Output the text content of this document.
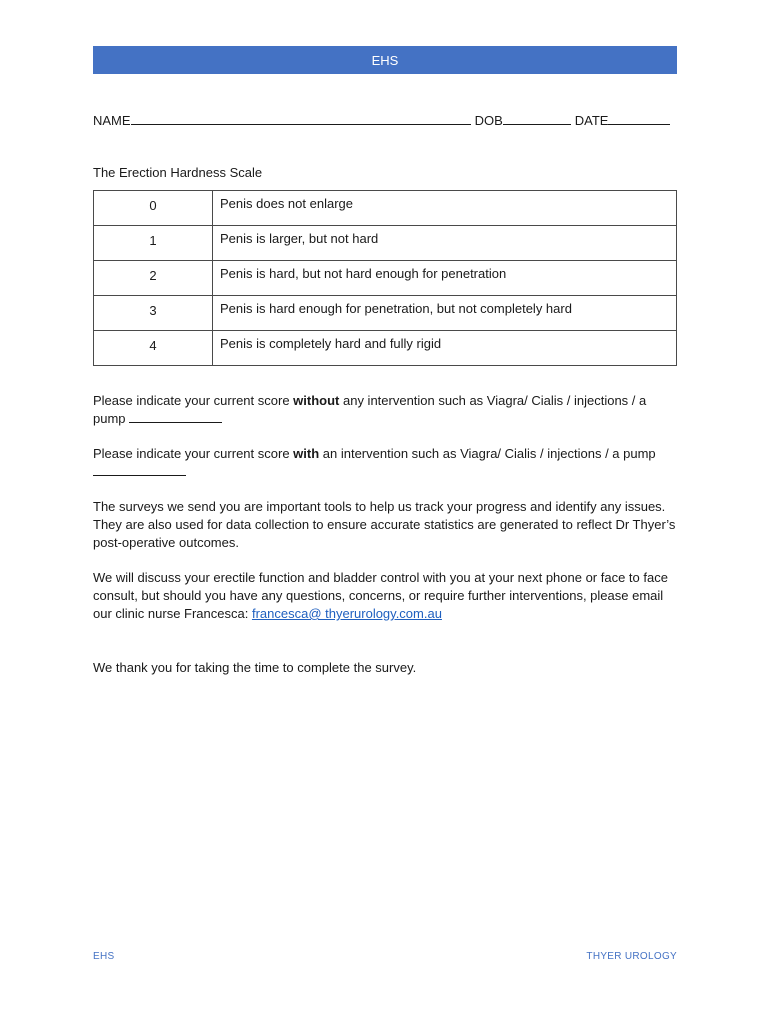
EHS
NAME	DOB	DATE
The Erection Hardness Scale
0	Penis does not enlarge
1	Penis is larger, but not hard
2	Penis is hard, but not hard enough for penetration
3	Penis is hard enough for penetration, but not completely hard
4	Penis is completely hard and fully rigid
Please indicate your current score without any intervention such as Viagra/ Cialis / injections / a pump
Please indicate your current score with an intervention such as Viagra/ Cialis / injections / a pump
The surveys we send you are important tools to help us track your progress and identify any issues. They are also used for data collection to ensure accurate statistics are generated to reflect Dr Thyer’s post-operative outcomes.
We will discuss your erectile function and bladder control with you at your next phone or face to face consult, but should you have any questions, concerns, or require further interventions, please email our clinic nurse Francesca: francesca@ thyerurology.com.au
We thank you for taking the time to complete the survey.
EHS	THYER UROLOGY
